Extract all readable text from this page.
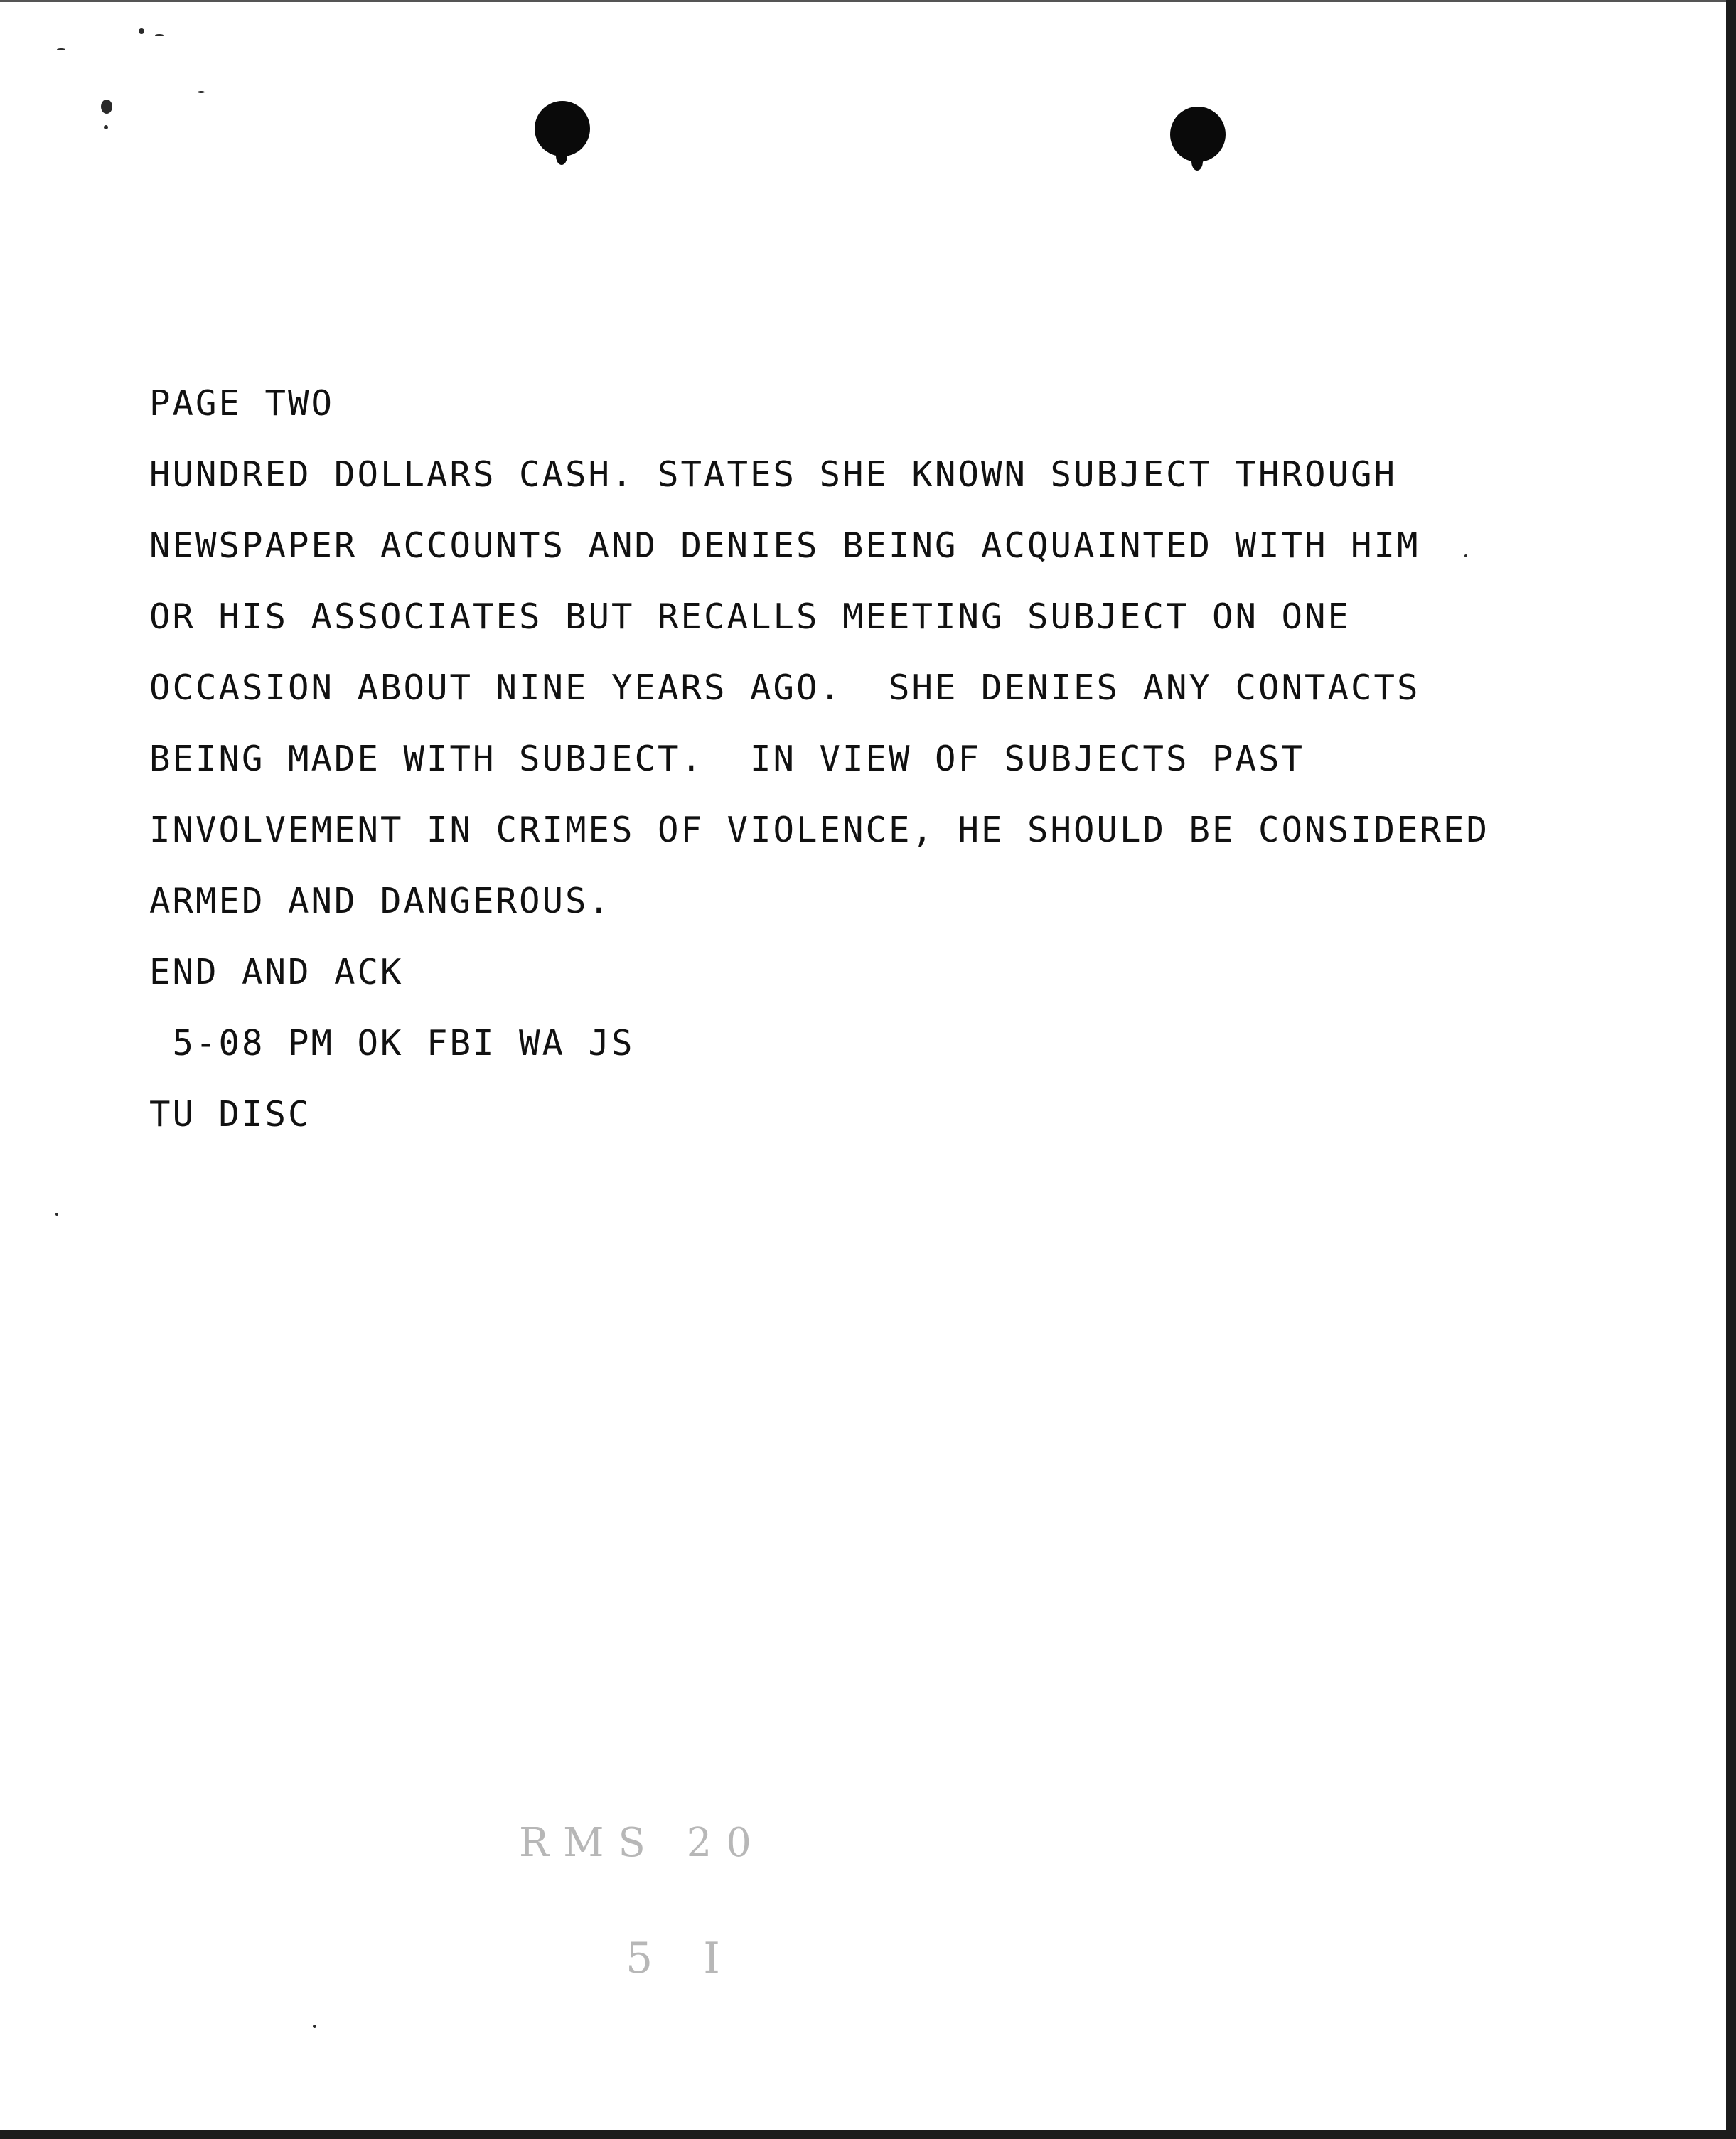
PAGE TWO
HUNDRED DOLLARS CASH. STATES SHE KNOWN SUBJECT THROUGH
NEWSPAPER ACCOUNTS AND DENIES BEING ACQUAINTED WITH HIM
OR HIS ASSOCIATES BUT RECALLS MEETING SUBJECT ON ONE
OCCASION ABOUT NINE YEARS AGO.  SHE DENIES ANY CONTACTS
BEING MADE WITH SUBJECT.  IN VIEW OF SUBJECTS PAST
INVOLVEMENT IN CRIMES OF VIOLENCE, HE SHOULD BE CONSIDERED
ARMED AND DANGEROUS.
END AND ACK
5-08 PM OK FBI WA JS
TU DISC
RMS 20
5 I
